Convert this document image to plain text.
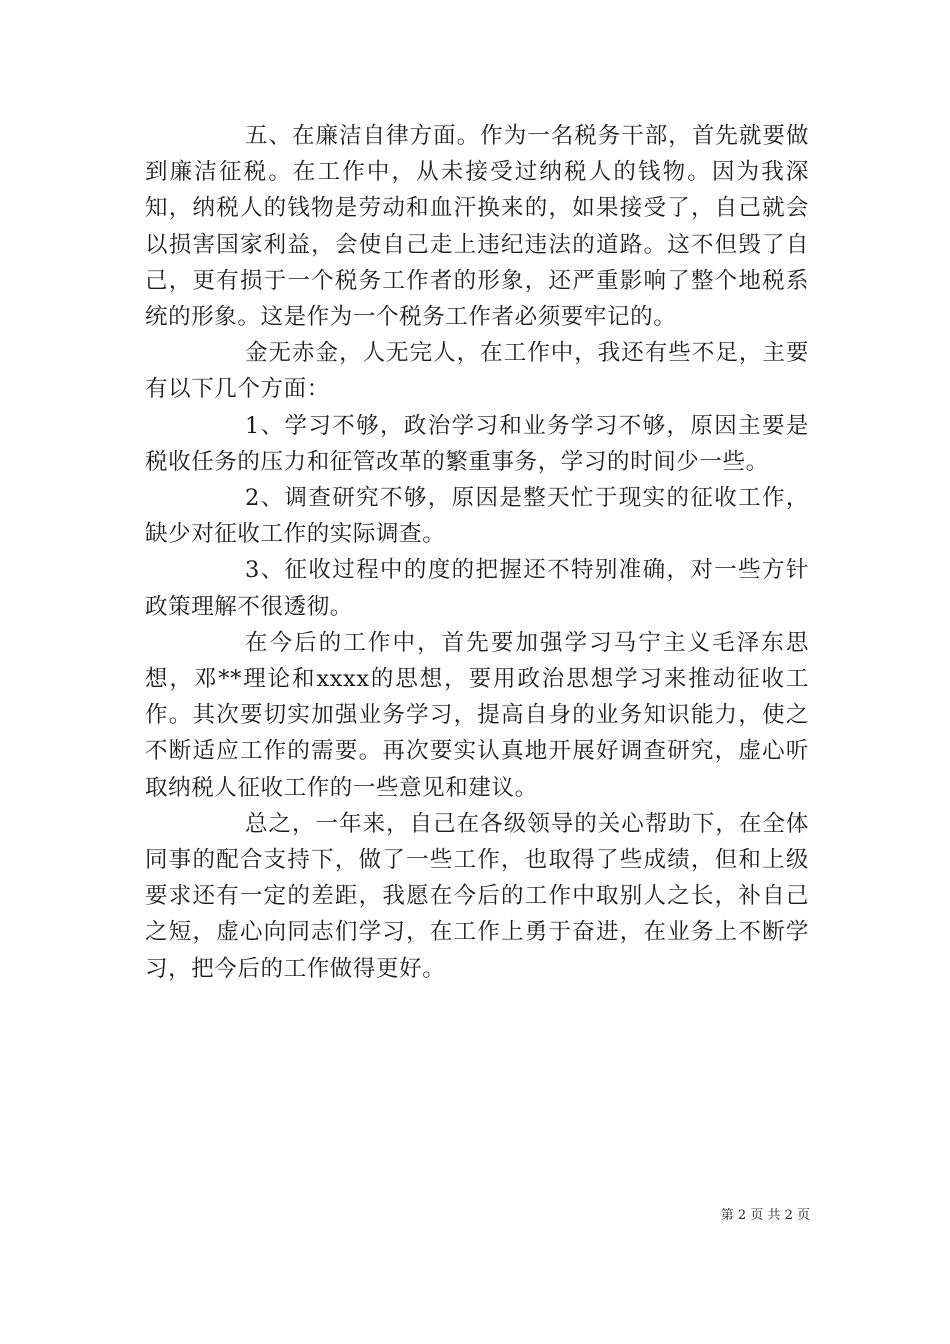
五、在廉洁自律方面。作为一名税务干部，首先就要做到廉洁征税。在工作中，从未接受过纳税人的钱物。因为我深知，纳税人的钱物是劳动和血汗换来的，如果接受了，自己就会以损害国家利益，会使自己走上违纪违法的道路。这不但毁了自己，更有损于一个税务工作者的形象，还严重影响了整个地税系统的形象。这是作为一个税务工作者必须要牢记的。

金无赤金，人无完人，在工作中，我还有些不足，主要有以下几个方面：

1、学习不够，政治学习和业务学习不够，原因主要是税收任务的压力和征管改革的繁重事务，学习的时间少一些。

2、调查研究不够，原因是整天忙于现实的征收工作，缺少对征收工作的实际调查。

3、征收过程中的度的把握还不特别准确，对一些方针政策理解不很透彻。

在今后的工作中，首先要加强学习马宁主义毛泽东思想，邓**理论和xxxx的思想，要用政治思想学习来推动征收工作。其次要切实加强业务学习，提高自身的业务知识能力，使之不断适应工作的需要。再次要实认真地开展好调查研究，虚心听取纳税人征收工作的一些意见和建议。

总之，一年来，自己在各级领导的关心帮助下，在全体同事的配合支持下，做了一些工作，也取得了些成绩，但和上级要求还有一定的差距，我愿在今后的工作中取别人之长，补自己之短，虚心向同志们学习，在工作上勇于奋进，在业务上不断学习，把今后的工作做得更好。

第 2 页 共 2 页
